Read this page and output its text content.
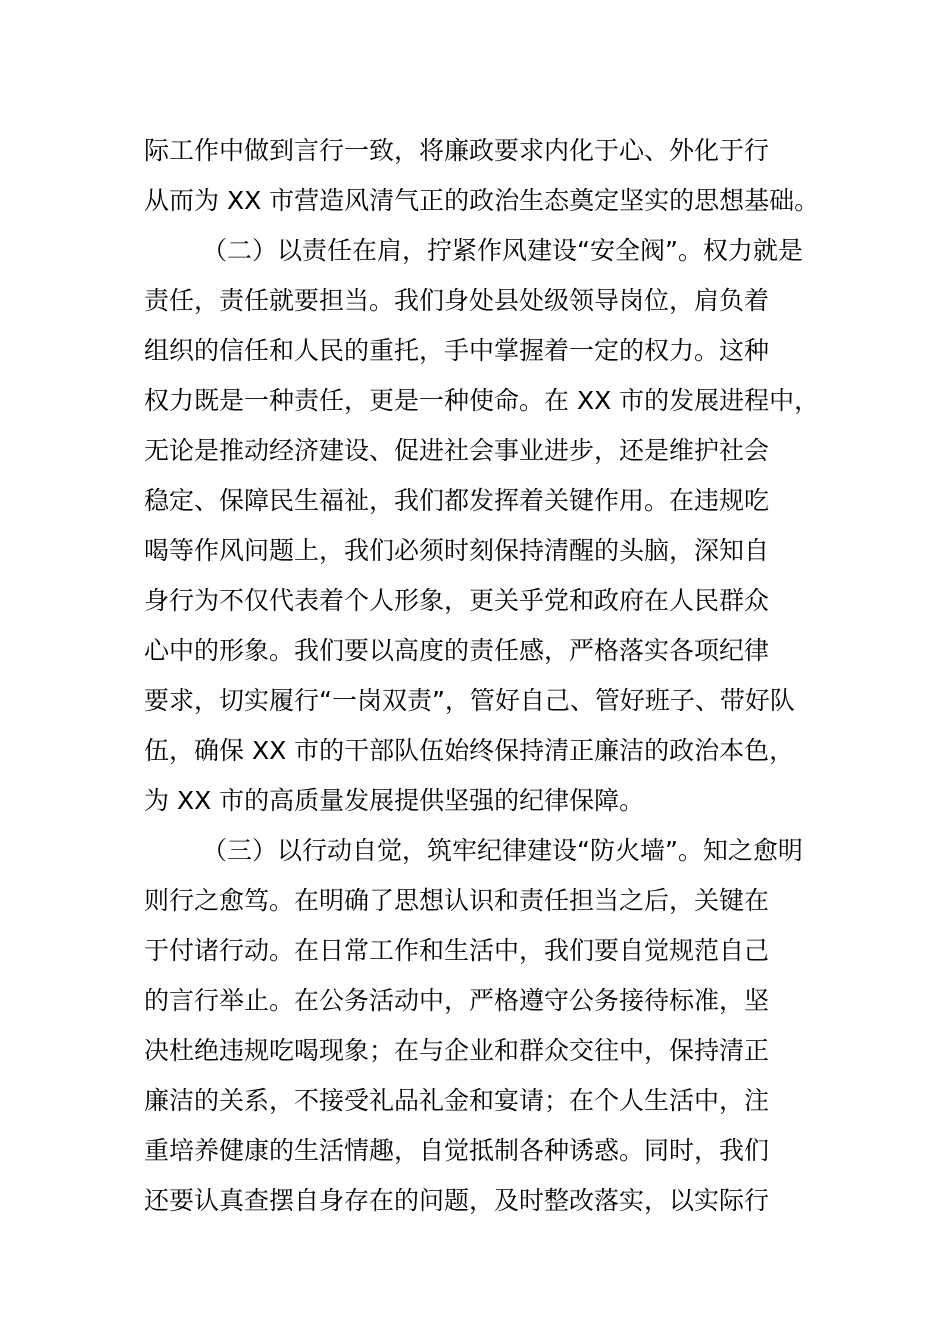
际工作中做到言行一致，将廉政要求内化于心、外化于行
从而为 XX 市营造风清气正的政治生态奠定坚实的思想基础。
（二）以责任在肩，拧紧作风建设“安全阀”。权力就是
责任，责任就要担当。我们身处县处级领导岗位，肩负着
组织的信任和人民的重托，手中掌握着一定的权力。这种
权力既是一种责任，更是一种使命。在 XX 市的发展进程中，
无论是推动经济建设、促进社会事业进步，还是维护社会
稳定、保障民生福祉，我们都发挥着关键作用。在违规吃
喝等作风问题上，我们必须时刻保持清醒的头脑，深知自
身行为不仅代表着个人形象，更关乎党和政府在人民群众
心中的形象。我们要以高度的责任感，严格落实各项纪律
要求，切实履行“一岗双责”，管好自己、管好班子、带好队
伍，确保 XX 市的干部队伍始终保持清正廉洁的政治本色，
为 XX 市的高质量发展提供坚强的纪律保障。
（三）以行动自觉，筑牢纪律建设“防火墙”。知之愈明
则行之愈笃。在明确了思想认识和责任担当之后，关键在
于付诸行动。在日常工作和生活中，我们要自觉规范自己
的言行举止。在公务活动中，严格遵守公务接待标准，坚
决杜绝违规吃喝现象；在与企业和群众交往中，保持清正
廉洁的关系，不接受礼品礼金和宴请；在个人生活中，注
重培养健康的生活情趣，自觉抵制各种诱惑。同时，我们
还要认真查摆自身存在的问题，及时整改落实，以实际行
